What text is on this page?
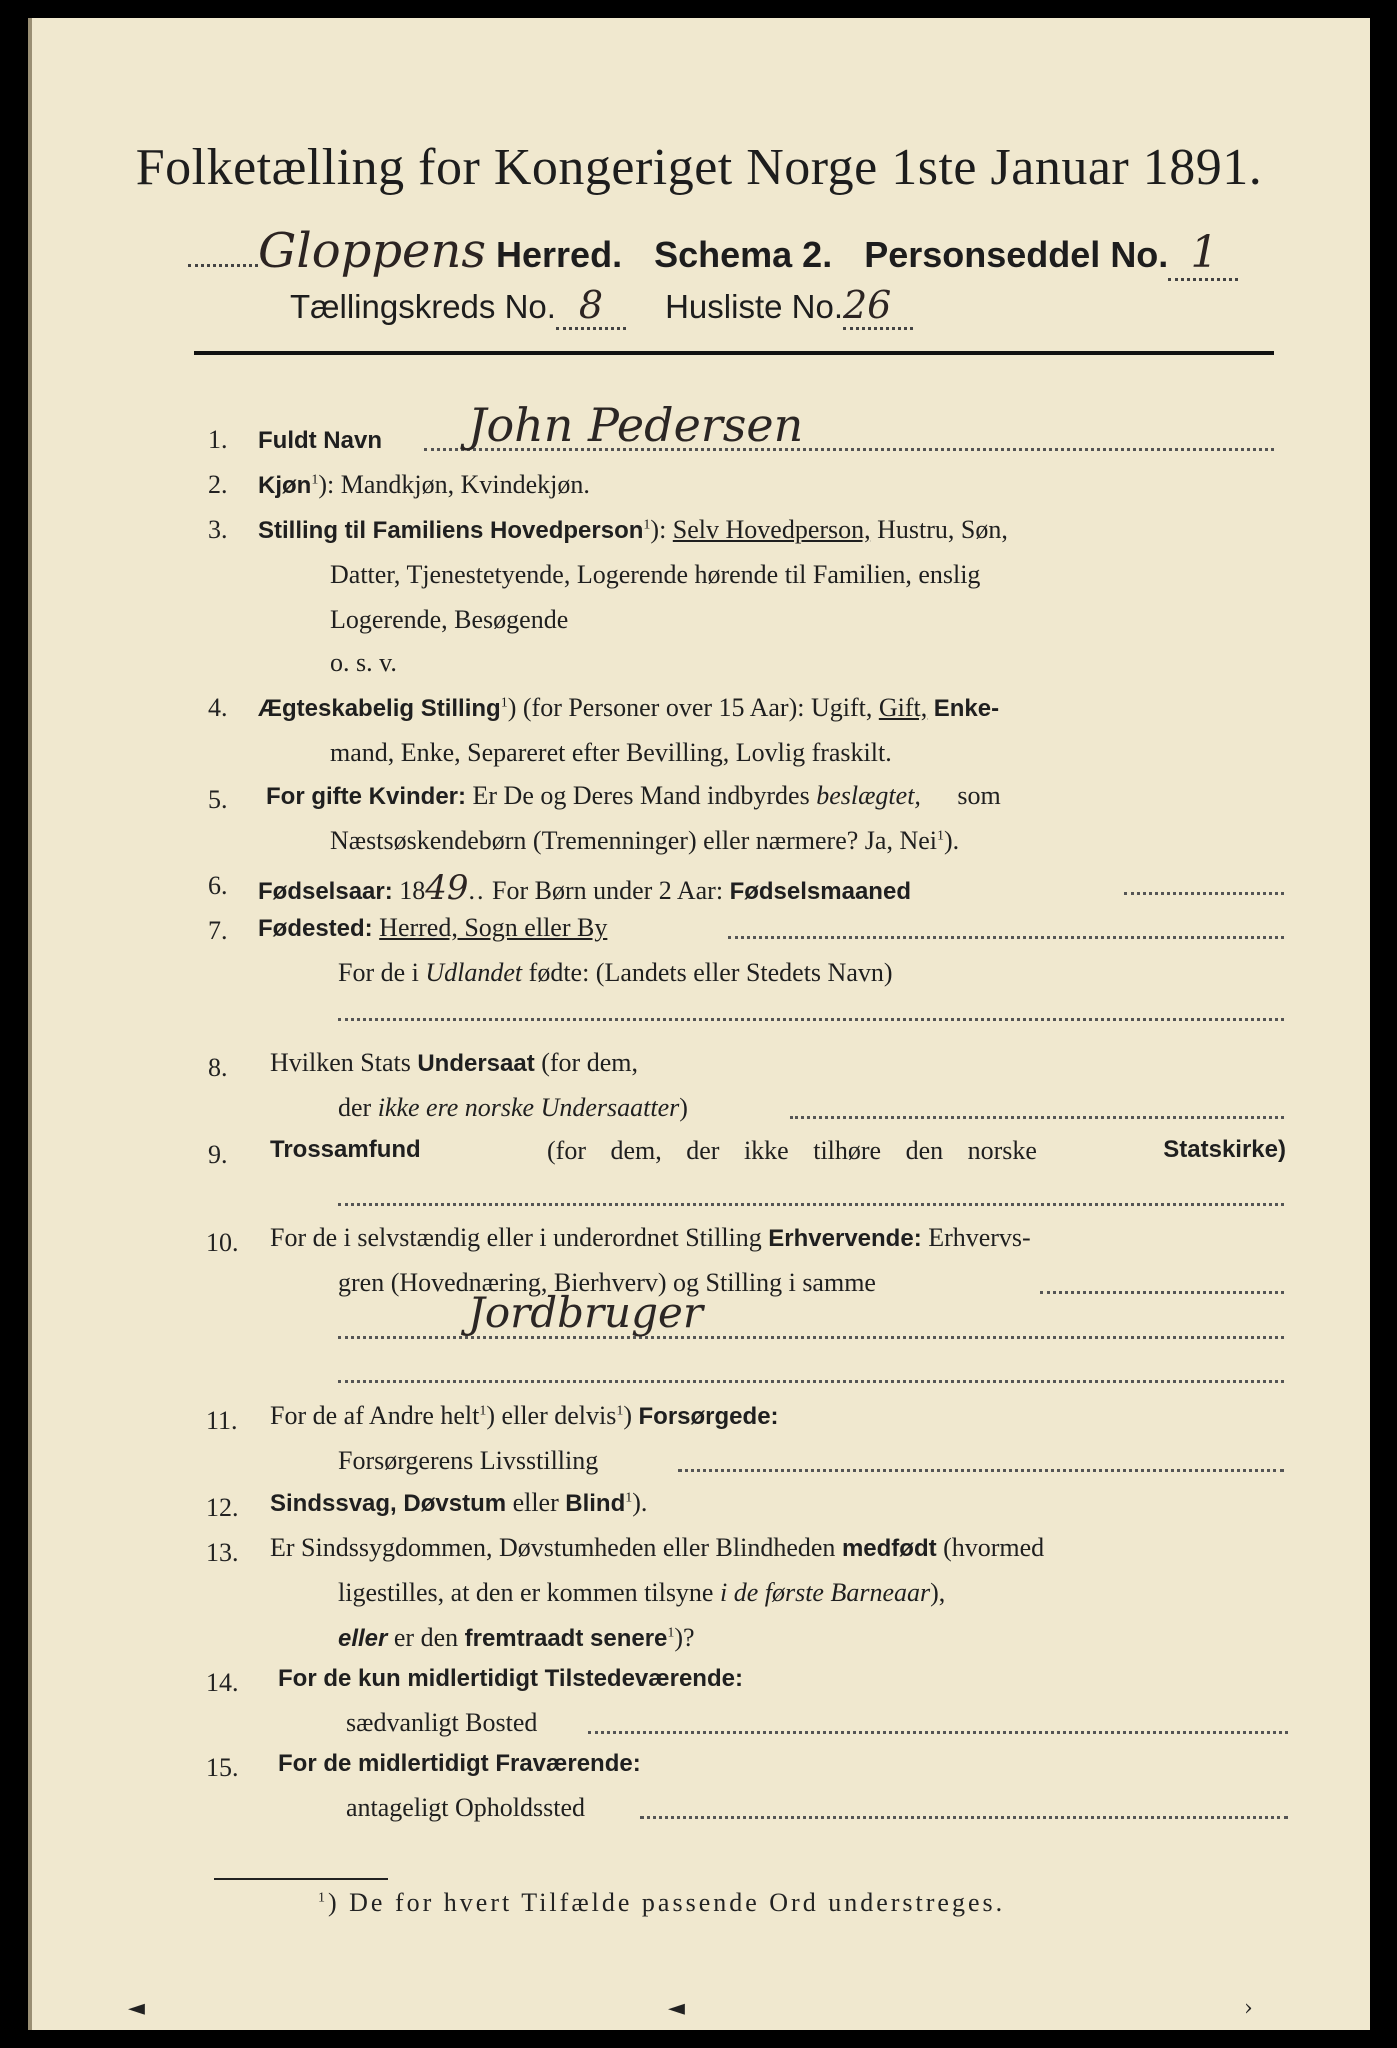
Folketælling for Kongeriget Norge 1ste Januar 1891.
Gloppens Herred. Schema 2. Personseddel No. 1
Tællingskreds No. 8 Husliste No.26
1. Fuldt Navn John Pedersen
2. Kjøn$^1$): Mandkjøn, Kvindekjøn.
3. Stilling til Familiens Hovedperson$^1$): Selv Hovedperson, Hustru, Søn,
Datter, Tjenestetyende, Logerende hørende til Familien, enslig
Logerende, Besøgende
o. s. v.
4. Ægteskabelig Stilling$^1$) (for Personer over 15 Aar): Ugift, Gift, Enke-
mand, Enke, Separeret efter Bevilling, Lovlig fraskilt.
5. For gifte Kvinder: Er De og Deres Mand indbyrdes beslægtet, som
Næstsøskendebørn (Tremenninger) eller nærmere? Ja, Nei$^1$).
6. Fødselsaar: 1849.. For Børn under 2 Aar: Fødselsmaaned
7. Fødested: Herred, Sogn eller By
For de i Udlandet fødte: (Landets eller Stedets Navn)
8. Hvilken Stats Undersaat (for dem,
der ikke ere norske Undersaatter)
9. Trossamfund	(for dem, der ikke tilhøre den norske	Statskirke)
10. For de i selvstændig eller i underordnet Stilling Erhvervende: Erhvervs-
gren (Hovednæring, Bierhverv) og Stilling i samme
Jordbruger
11. For de af Andre helt$^1$) eller delvis$^1$) Forsørgede:
Forsørgerens Livsstilling
12. Sindssvag, Døvstum eller Blind$^1$).
13. Er Sindssygdommen, Døvstumheden eller Blindheden medfødt (hvormed
ligestilles, at den er kommen tilsyne i de første Barneaar),
eller er den fremtraadt senere$^1$)?
14. For de kun midlertidigt Tilstedeværende:
sædvanligt Bosted
15. For de midlertidigt Fraværende:
antageligt Opholdssted
$^1$) De for hvert Tilfælde passende Ord understreges.
◄	◄	›
